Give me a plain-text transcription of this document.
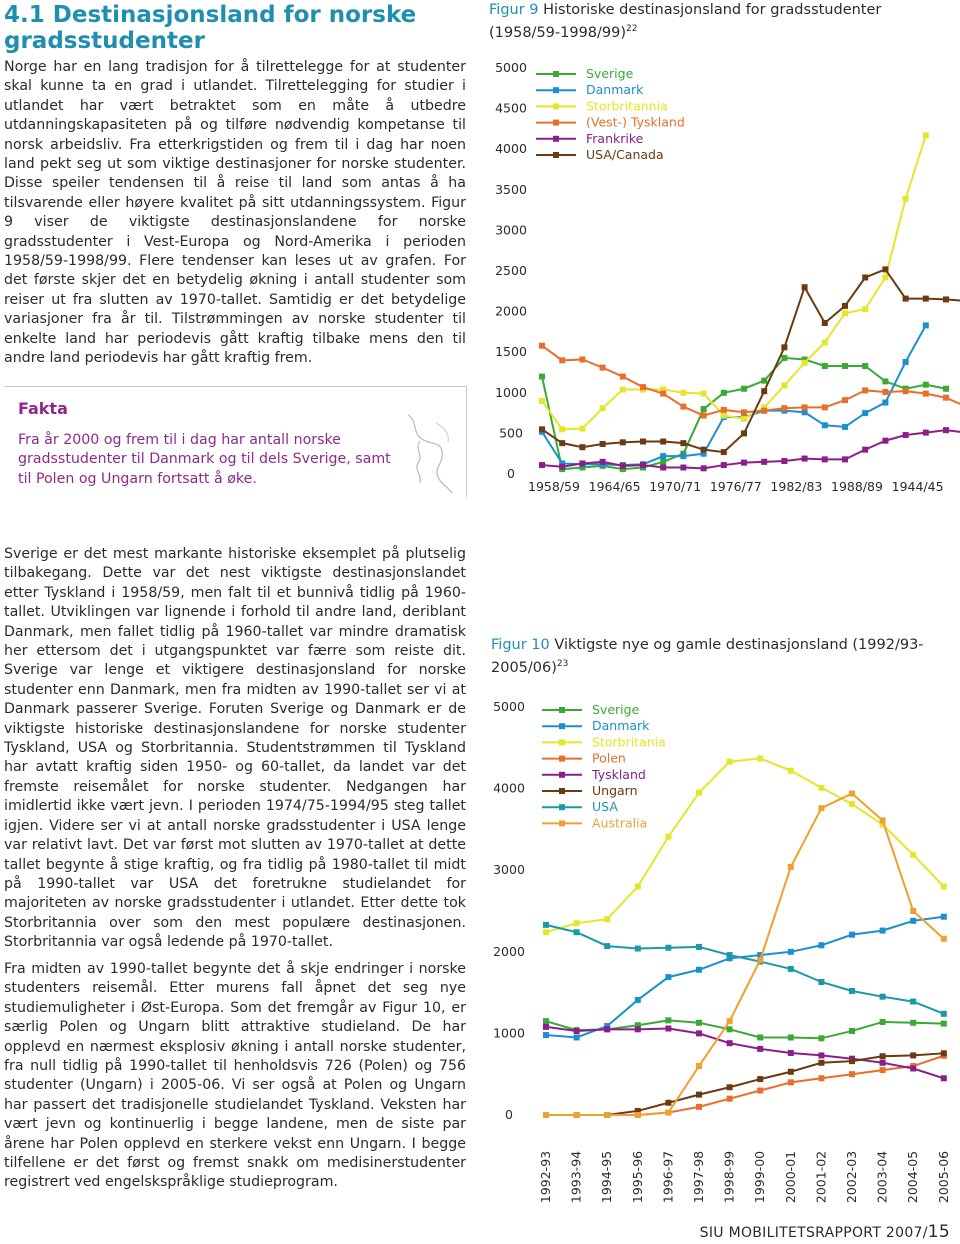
4.1 Destinasjonsland for norske gradsstudenter

Norge har en lang tradisjon for å tilrettelegge for at studenter skal kunne ta en grad i utlandet. Tilrettelegging for studier i utlandet har vært betraktet som en måte å utbedre utdanningskapasiteten på og tilføre nødvendig kompetanse til norsk arbeidsliv. Fra etterkrigstiden og frem til i dag har noen land pekt seg ut som viktige destinasjoner for norske studenter. Disse speiler tendensen til å reise til land som antas å ha tilsvarende eller høyere kvalitet på sitt utdanningssystem. Figur 9 viser de viktigste destinasjonslandene for norske gradsstudenter i Vest-Europa og Nord-Amerika i perioden 1958/59-1998/99. Flere tendenser kan leses ut av grafen. For det første skjer det en betydelig økning i antall studenter som reiser ut fra slutten av 1970-tallet. Samtidig er det betydelige variasjoner fra år til. Tilstrømmingen av norske studenter til enkelte land har periodevis gått kraftig tilbake mens den til andre land periodevis har gått kraftig frem.

Fakta
Fra år 2000 og frem til i dag har antall norske gradsstudenter til Danmark og til dels Sverige, samt til Polen og Ungarn fortsatt å øke.

Sverige er det mest markante historiske eksemplet på plutselig tilbakegang. Dette var det nest viktigste destinasjonslandet etter Tyskland i 1958/59, men falt til et bunnivå tidlig på 1960-tallet. Utviklingen var lignende i forhold til andre land, deriblant Danmark, men fallet tidlig på 1960-tallet var mindre dramatisk her ettersom det i utgangspunktet var færre som reiste dit. Sverige var lenge et viktigere destinasjonsland for norske studenter enn Danmark, men fra midten av 1990-tallet ser vi at Danmark passerer Sverige. Foruten Sverige og Danmark er de viktigste historiske destinasjonslandene for norske studenter Tyskland, USA og Storbritannia. Studentstrømmen til Tyskland har avtatt kraftig siden 1950- og 60-tallet, da landet var det fremste reisemålet for norske studenter. Nedgangen har imidlertid ikke vært jevn. I perioden 1974/75-1994/95 steg tallet igjen. Videre ser vi at antall norske gradsstudenter i USA lenge var relativt lavt. Det var først mot slutten av 1970-tallet at dette tallet begynte å stige kraftig, og fra tidlig på 1980-tallet til midt på 1990-tallet var USA det foretrukne studielandet for majoriteten av norske gradsstudenter i utlandet. Etter dette tok Storbritannia over som den mest populære destinasjonen. Storbritannia var også ledende på 1970-tallet.

Fra midten av 1990-tallet begynte det å skje endringer i norske studenters reisemål. Etter murens fall åpnet det seg nye studiemuligheter i Øst-Europa. Som det fremgår av Figur 10, er særlig Polen og Ungarn blitt attraktive studieland. De har opplevd en nærmest eksplosiv økning i antall norske studenter, fra null tidlig på 1990-tallet til henholdsvis 726 (Polen) og 756 studenter (Ungarn) i 2005-06. Vi ser også at Polen og Ungarn har passert det tradisjonelle studielandet Tyskland. Veksten har vært jevn og kontinuerlig i begge landene, men de siste par årene har Polen opplevd en sterkere vekst enn Ungarn. I begge tilfellene er det først og fremst snakk om medisinerstudenter registrert ved engelskspråklige studieprogram.

Figur 9 Historiske destinasjonsland for gradsstudenter $(1958/59-1998/99)^{22}$

0
500
1000
1500
2000
2500
3000
3500
4000
4500
5000
1958/59 1964/65 1970/71 1976/77 1982/83 1988/89 1944/45
Sverige
Danmark
Storbritannia
(Vest-) Tyskland
Frankrike
USA/Canada

Figur 10 Viktigste nye og gamle destinasjonsland $(1992/93-2005/06)^{23}$

0
1000
2000
3000
4000
5000
1992-93 1993-94 1994-95 1995-96 1996-97 1997-98 1998-99 1999-00 2000-01 2001-02 2002-03 2003-04 2004-05 2005-06
Sverige
Danmark
Storbritania
Polen
Tyskland
Ungarn
USA
Australia
SIU MOBILITETSRAPPORT 2007/15
